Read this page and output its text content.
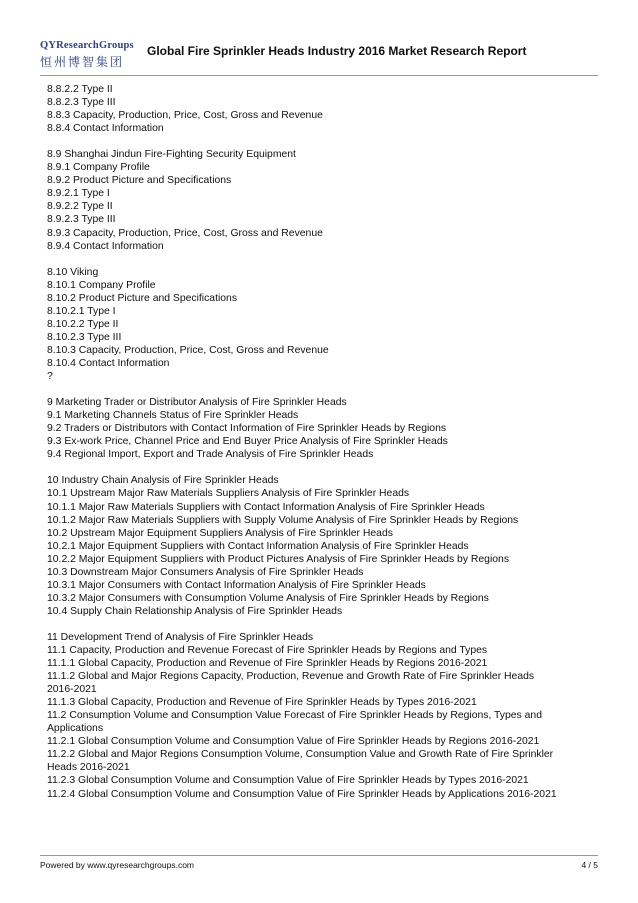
QYResearchGroups
恒州博智集团
Global Fire Sprinkler Heads Industry 2016 Market Research Report
8.8.2.2 Type II
8.8.2.3 Type III
8.8.3 Capacity, Production, Price, Cost, Gross and Revenue
8.8.4 Contact Information
8.9 Shanghai Jindun Fire-Fighting Security Equipment
8.9.1 Company Profile
8.9.2 Product Picture and Specifications
8.9.2.1 Type I
8.9.2.2 Type II
8.9.2.3 Type III
8.9.3 Capacity, Production, Price, Cost, Gross and Revenue
8.9.4 Contact Information
8.10 Viking
8.10.1 Company Profile
8.10.2 Product Picture and Specifications
8.10.2.1 Type I
8.10.2.2 Type II
8.10.2.3 Type III
8.10.3 Capacity, Production, Price, Cost, Gross and Revenue
8.10.4 Contact Information
?
9 Marketing Trader or Distributor Analysis of Fire Sprinkler Heads
9.1 Marketing Channels Status of Fire Sprinkler Heads
9.2 Traders or Distributors with Contact Information of Fire Sprinkler Heads by Regions
9.3 Ex-work Price, Channel Price and End Buyer Price Analysis of Fire Sprinkler Heads
9.4 Regional Import, Export and Trade Analysis of Fire Sprinkler Heads
10 Industry Chain Analysis of Fire Sprinkler Heads
10.1 Upstream Major Raw Materials Suppliers Analysis of Fire Sprinkler Heads
10.1.1 Major Raw Materials Suppliers with Contact Information Analysis of Fire Sprinkler Heads
10.1.2 Major Raw Materials Suppliers with Supply Volume Analysis of Fire Sprinkler Heads by Regions
10.2 Upstream Major Equipment Suppliers Analysis of Fire Sprinkler Heads
10.2.1 Major Equipment Suppliers with Contact Information Analysis of Fire Sprinkler Heads
10.2.2 Major Equipment Suppliers with Product Pictures Analysis of Fire Sprinkler Heads by Regions
10.3 Downstream Major Consumers Analysis of Fire Sprinkler Heads
10.3.1 Major Consumers with Contact Information Analysis of Fire Sprinkler Heads
10.3.2 Major Consumers with Consumption Volume Analysis of Fire Sprinkler Heads by Regions
10.4 Supply Chain Relationship Analysis of Fire Sprinkler Heads
11 Development Trend of Analysis of Fire Sprinkler Heads
11.1 Capacity, Production and Revenue Forecast of Fire Sprinkler Heads by Regions and Types
11.1.1 Global Capacity, Production and Revenue of Fire Sprinkler Heads by Regions 2016-2021
11.1.2 Global and Major Regions Capacity, Production, Revenue and Growth Rate of Fire Sprinkler Heads
2016-2021
11.1.3 Global Capacity, Production and Revenue of Fire Sprinkler Heads by Types 2016-2021
11.2 Consumption Volume and Consumption Value Forecast of Fire Sprinkler Heads by Regions, Types and
Applications
11.2.1 Global Consumption Volume and Consumption Value of Fire Sprinkler Heads by Regions 2016-2021
11.2.2 Global and Major Regions Consumption Volume, Consumption Value and Growth Rate of Fire Sprinkler
Heads 2016-2021
11.2.3 Global Consumption Volume and Consumption Value of Fire Sprinkler Heads by Types 2016-2021
11.2.4 Global Consumption Volume and Consumption Value of Fire Sprinkler Heads by Applications 2016-2021
Powered by www.qyresearchgroups.com	4 / 5
